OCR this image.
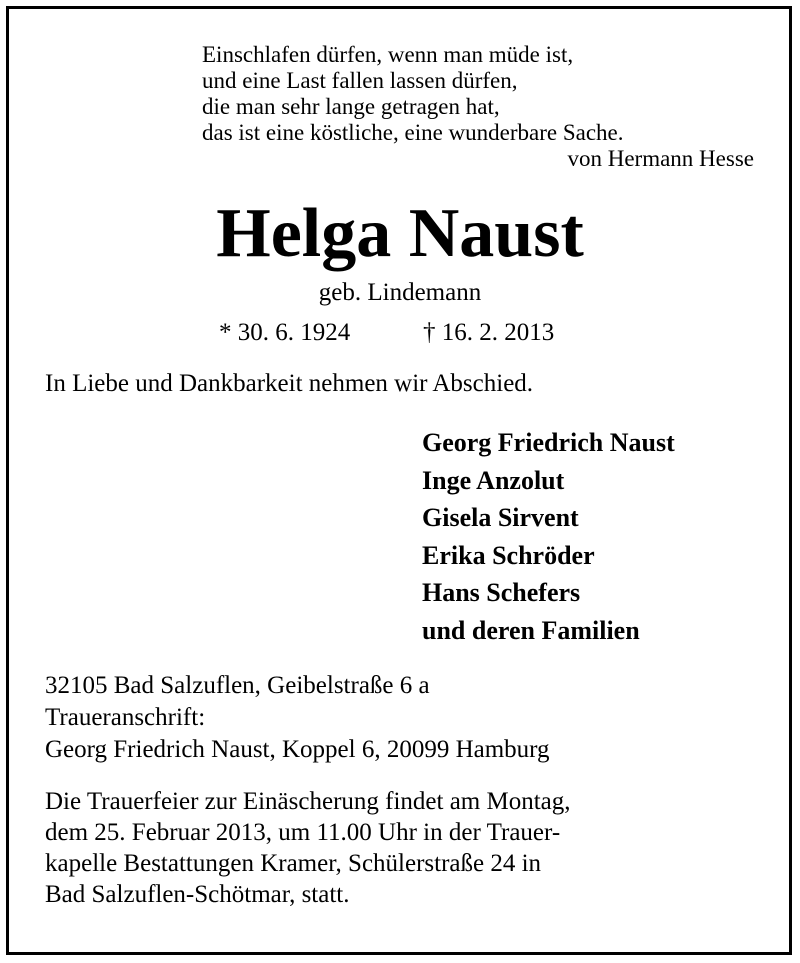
Einschlafen dürfen, wenn man müde ist,
und eine Last fallen lassen dürfen,
die man sehr lange getragen hat,
das ist eine köstliche, eine wunderbare Sache.
von Hermann Hesse
Helga Naust
geb. Lindemann
* 30. 6. 1924	† 16. 2. 2013
In Liebe und Dankbarkeit nehmen wir Abschied.
Georg Friedrich Naust
Inge Anzolut
Gisela Sirvent
Erika Schröder
Hans Schefers
und deren Familien
32105 Bad Salzuflen, Geibelstraße 6 a
Traueranschrift:
Georg Friedrich Naust, Koppel 6, 20099 Hamburg
Die Trauerfeier zur Einäscherung findet am Montag,
dem 25. Februar 2013, um 11.00 Uhr in der Trauer-
kapelle Bestattungen Kramer, Schülerstraße 24 in
Bad Salzuflen-Schötmar, statt.
